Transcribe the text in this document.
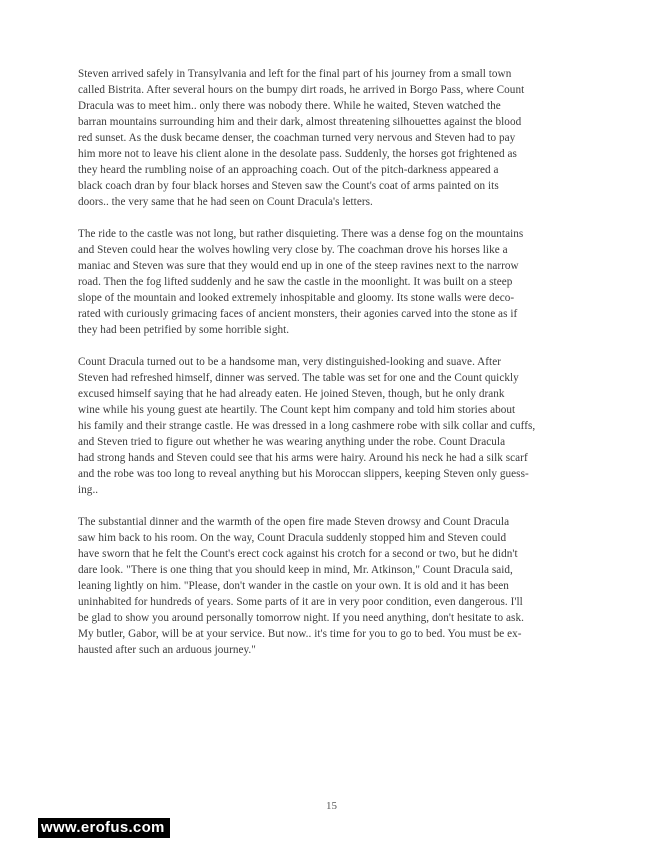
Steven arrived safely in Transylvania and left for the final part of his journey from a small town
called Bistrita. After several hours on the bumpy dirt roads, he arrived in Borgo Pass, where Count
Dracula was to meet him.. only there was nobody there. While he waited, Steven watched the
barran mountains surrounding him and their dark, almost threatening silhouettes against the blood
red sunset. As the dusk became denser, the coachman turned very nervous and Steven had to pay
him more not to leave his client alone in the desolate pass. Suddenly, the horses got frightened as
they heard the rumbling noise of an approaching coach. Out of the pitch-darkness appeared a
black coach dran by four black horses and Steven saw the Count's coat of arms painted on its
doors.. the very same that he had seen on Count Dracula's letters.

The ride to the castle was not long, but rather disquieting. There was a dense fog on the mountains
and Steven could hear the wolves howling very close by. The coachman drove his horses like a
maniac and Steven was sure that they would end up in one of the steep ravines next to the narrow
road. Then the fog lifted suddenly and he saw the castle in the moonlight. It was built on a steep
slope of the mountain and looked extremely inhospitable and gloomy. Its stone walls were deco-
rated with curiously grimacing faces of ancient monsters, their agonies carved into the stone as if
they had been petrified by some horrible sight.

Count Dracula turned out to be a handsome man, very distinguished-looking and suave. After
Steven had refreshed himself, dinner was served. The table was set for one and the Count quickly
excused himself saying that he had already eaten. He joined Steven, though, but he only drank
wine while his young guest ate heartily. The Count kept him company and told him stories about
his family and their strange castle. He was dressed in a long cashmere robe with silk collar and cuffs,
and Steven tried to figure out whether he was wearing anything under the robe. Count Dracula
had strong hands and Steven could see that his arms were hairy. Around his neck he had a silk scarf
and the robe was too long to reveal anything but his Moroccan slippers, keeping Steven only guess-
ing..

The substantial dinner and the warmth of the open fire made Steven drowsy and Count Dracula
saw him back to his room. On the way, Count Dracula suddenly stopped him and Steven could
have sworn that he felt the Count's erect cock against his crotch for a second or two, but he didn't
dare look. "There is one thing that you should keep in mind, Mr. Atkinson," Count Dracula said,
leaning lightly on him. "Please, don't wander in the castle on your own. It is old and it has been
uninhabited for hundreds of years. Some parts of it are in very poor condition, even dangerous. I'll
be glad to show you around personally tomorrow night. If you need anything, don't hesitate to ask.
My butler, Gabor, will be at your service. But now.. it's time for you to go to bed. You must be ex-
hausted after such an arduous journey."

15
www.erofus.com
